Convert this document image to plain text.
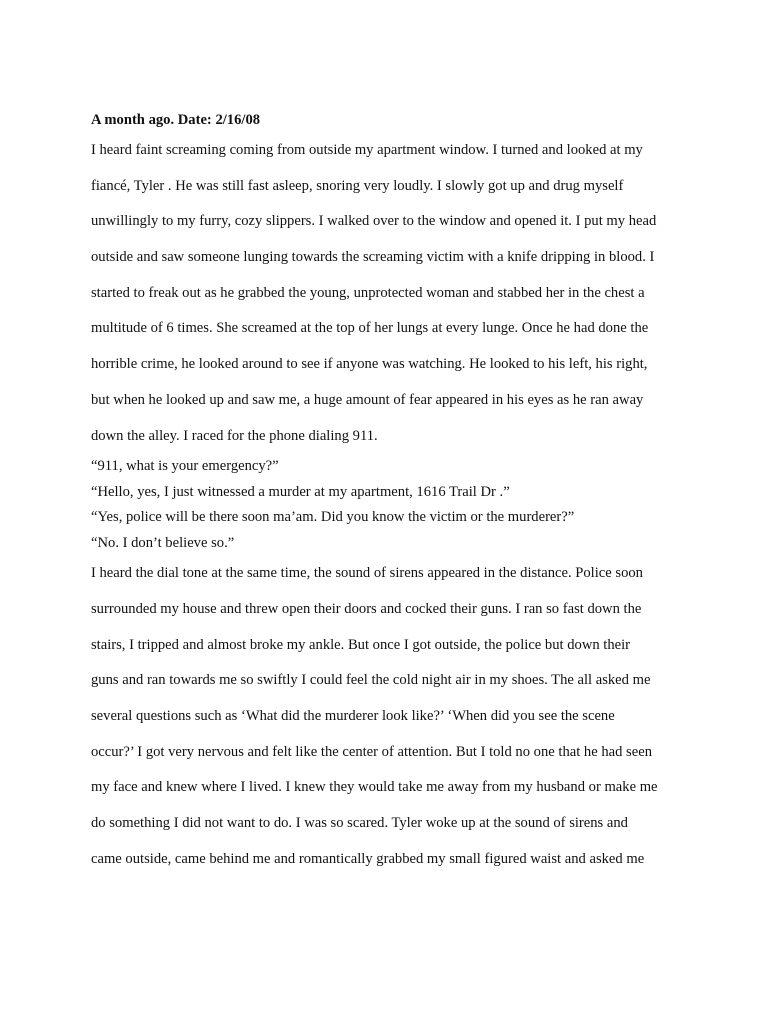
A month ago. Date: 2/16/08
I heard faint screaming coming from outside my apartment window. I turned and looked at my
fiancé, Tyler . He was still fast asleep, snoring very loudly. I slowly got up and drug myself
unwillingly to my furry, cozy slippers. I walked over to the window and opened it. I put my head
outside and saw someone lunging towards the screaming victim with a knife dripping in blood. I
started to freak out as he grabbed the young, unprotected woman and stabbed her in the chest a
multitude of 6 times. She screamed at the top of her lungs at every lunge. Once he had done the
horrible crime, he looked around to see if anyone was watching. He looked to his left, his right,
but when he looked up and saw me, a huge amount of fear appeared in his eyes as he ran away
down the alley. I raced for the phone dialing 911.
“911, what is your emergency?”
“Hello, yes, I just witnessed a murder at my apartment, 1616 Trail Dr .”
“Yes, police will be there soon ma’am. Did you know the victim or the murderer?”
“No. I don’t believe so.”
I heard the dial tone at the same time, the sound of sirens appeared in the distance. Police soon
surrounded my house and threw open their doors and cocked their guns. I ran so fast down the
stairs, I tripped and almost broke my ankle. But once I got outside, the police but down their
guns and ran towards me so swiftly I could feel the cold night air in my shoes. The all asked me
several questions such as ‘What did the murderer look like?’ ‘When did you see the scene
occur?’ I got very nervous and felt like the center of attention. But I told no one that he had seen
my face and knew where I lived. I knew they would take me away from my husband or make me
do something I did not want to do. I was so scared. Tyler woke up at the sound of sirens and
came outside, came behind me and romantically grabbed my small figured waist and asked me
